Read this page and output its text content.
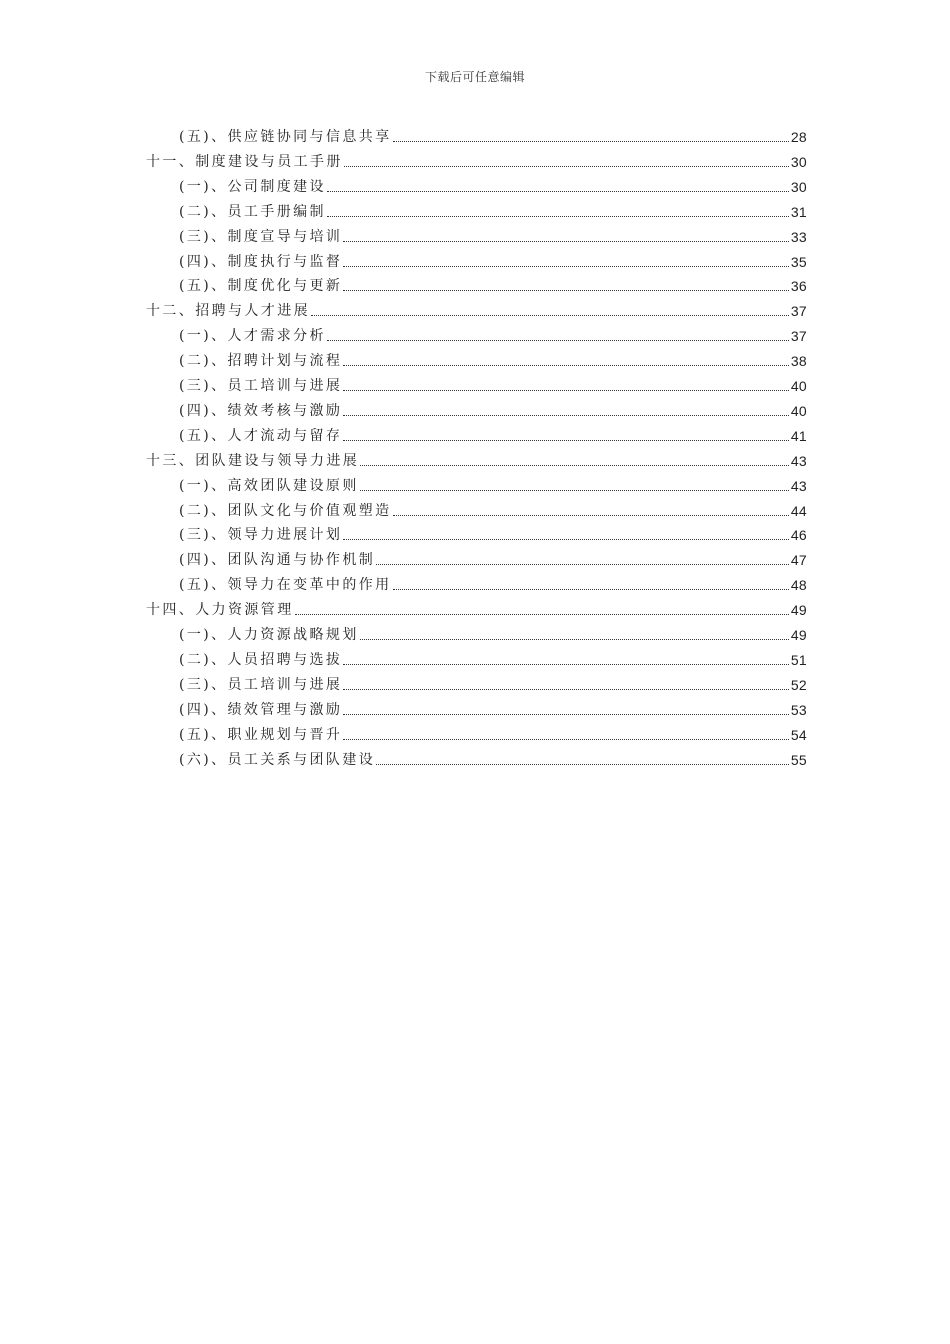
下载后可任意编辑
(五)、供应链协同与信息共享	28
十一、制度建设与员工手册	30
(一)、公司制度建设	30
(二)、员工手册编制	31
(三)、制度宣导与培训	33
(四)、制度执行与监督	35
(五)、制度优化与更新	36
十二、招聘与人才进展	37
(一)、人才需求分析	37
(二)、招聘计划与流程	38
(三)、员工培训与进展	40
(四)、绩效考核与激励	40
(五)、人才流动与留存	41
十三、团队建设与领导力进展	43
(一)、高效团队建设原则	43
(二)、团队文化与价值观塑造	44
(三)、领导力进展计划	46
(四)、团队沟通与协作机制	47
(五)、领导力在变革中的作用	48
十四、人力资源管理	49
(一)、人力资源战略规划	49
(二)、人员招聘与选拔	51
(三)、员工培训与进展	52
(四)、绩效管理与激励	53
(五)、职业规划与晋升	54
(六)、员工关系与团队建设	55
